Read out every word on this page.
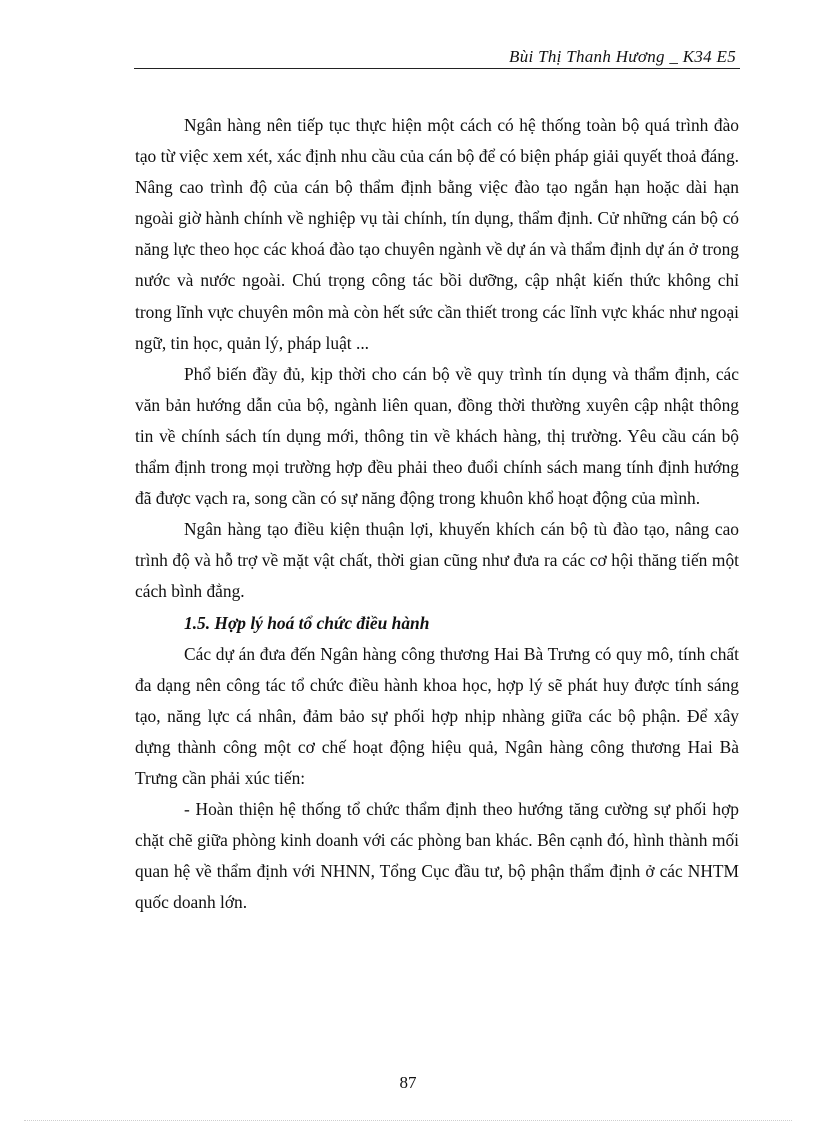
Bùi Thị Thanh Hương _ K34 E5

Ngân hàng nên tiếp tục thực hiện một cách có hệ thống toàn bộ quá trình đào tạo từ việc xem xét, xác định nhu cầu của cán bộ để có biện pháp giải quyết thoả đáng. Nâng cao trình độ của cán bộ thẩm định bằng việc đào tạo ngắn hạn hoặc dài hạn ngoài giờ hành chính về nghiệp vụ tài chính, tín dụng, thẩm định. Cử những cán bộ có năng lực theo học các khoá đào tạo chuyên ngành về dự án và thẩm định dự án ở trong nước và nước ngoài. Chú trọng công tác bồi dưỡng, cập nhật kiến thức không chỉ trong lĩnh vực chuyên môn mà còn hết sức cần thiết trong các lĩnh vực khác như ngoại ngữ, tin học, quản lý, pháp luật ...

Phổ biến đầy đủ, kịp thời cho cán bộ về quy trình tín dụng và thẩm định, các văn bản hướng dẫn của bộ, ngành liên quan, đồng thời thường xuyên cập nhật thông tin về chính sách tín dụng mới, thông tin về khách hàng, thị trường. Yêu cầu cán bộ thẩm định trong mọi trường hợp đều phải theo đuổi chính sách mang tính định hướng đã được vạch ra, song cần có sự năng động trong khuôn khổ hoạt động của mình.

Ngân hàng tạo điều kiện thuận lợi, khuyến khích cán bộ tù đào tạo, nâng cao trình độ và hỗ trợ về mặt vật chất, thời gian cũng như đưa ra các cơ hội thăng tiến một cách bình đẳng.

1.5. Hợp lý hoá tổ chức điều hành

Các dự án đưa đến Ngân hàng công thương Hai Bà Trưng có quy mô, tính chất đa dạng nên công tác tổ chức điều hành khoa học, hợp lý sẽ phát huy được tính sáng tạo, năng lực cá nhân, đảm bảo sự phối hợp nhịp nhàng giữa các bộ phận. Để xây dựng thành công một cơ chế hoạt động hiệu quả, Ngân hàng công thương Hai Bà Trưng cần phải xúc tiến:

- Hoàn thiện hệ thống tổ chức thẩm định theo hướng tăng cường sự phối hợp chặt chẽ giữa phòng kinh doanh với các phòng ban khác. Bên cạnh đó, hình thành mối quan hệ về thẩm định với NHNN, Tổng Cục đầu tư, bộ phận thẩm định ở các NHTM quốc doanh lớn.

87
